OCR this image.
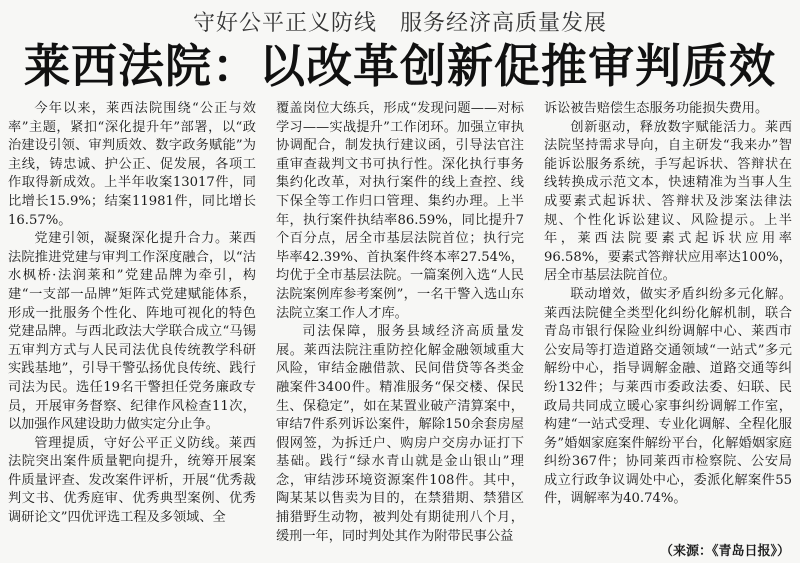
守好公平正义防线　服务经济高质量发展
莱西法院：以改革创新促推审判质效

今年以来，莱西法院围绕“公正与效率”主题，紧扣“深化提升年”部署，以“政治建设引领、审判质效、数字政务赋能”为主线，铸忠诚、护公正、促发展，各项工作取得新成效。上半年收案13017件，同比增长15.9%；结案11981件，同比增长16.57%。

党建引领，凝聚深化提升合力。莱西法院推进党建与审判工作深度融合，以“沽水枫桥·法润莱和”党建品牌为牵引，构建“一支部一品牌”矩阵式党建赋能体系，形成一批服务个性化、阵地可视化的特色党建品牌。与西北政法大学联合成立“马锡五审判方式与人民司法优良传统教学科研实践基地”，引导干警弘扬优良传统、践行司法为民。选任19名干警担任党务廉政专员，开展审务督察、纪律作风检查11次，以加强作风建设助力做实定分止争。

管理提质，守好公平正义防线。莱西法院突出案件质量靶向提升，统筹开展案件质量评查、发改案件评析，开展“优秀裁判文书、优秀庭审、优秀典型案例、优秀调研论文”四优评选工程及多领域、全

覆盖岗位大练兵，形成“发现问题——对标学习——实战提升”工作闭环。加强立审执协调配合，制发执行建议函，引导法官注重审查裁判文书可执行性。深化执行事务集约化改革，对执行案件的线上查控、线下保全等工作归口管理、集约办理。上半年，执行案件执结率86.59%，同比提升7个百分点，居全市基层法院首位；执行完毕率42.39%、首执案件终本率27.54%，均优于全市基层法院。一篇案例入选“人民法院案例库参考案例”，一名干警入选山东法院立案工作人才库。

司法保障，服务县域经济高质量发展。莱西法院注重防控化解金融领域重大风险，审结金融借款、民间借贷等各类金融案件3400件。精准服务“保交楼、保民生、保稳定”，如在某置业破产清算案中，审结7件系列诉讼案件，解除150余套房屋假网签，为拆迁户、购房户交房办证打下基础。践行“绿水青山就是金山银山”理念，审结涉环境资源案件108件。其中，陶某某以售卖为目的，在禁猎期、禁猎区捕猎野生动物，被判处有期徒刑八个月，缓刑一年，同时判处其作为附带民事公益

诉讼被告赔偿生态服务功能损失费用。

创新驱动，释放数字赋能活力。莱西法院坚持需求导向，自主研发“我来办”智能诉讼服务系统，手写起诉状、答辩状在线转换成示范文本，快速精准为当事人生成要素式起诉状、答辩状及涉案法律法规、个性化诉讼建议、风险提示。上半年，莱西法院要素式起诉状应用率96.58%，要素式答辩状应用率达100%，居全市基层法院首位。

联动增效，做实矛盾纠纷多元化解。莱西法院健全类型化纠纷化解机制，联合青岛市银行保险业纠纷调解中心、莱西市公安局等打造道路交通领域“一站式”多元解纷中心，指导调解金融、道路交通等纠纷132件；与莱西市委政法委、妇联、民政局共同成立暖心家事纠纷调解工作室，构建“一站式受理、专业化调解、全程化服务”婚姻家庭案件解纷平台，化解婚姻家庭纠纷367件；协同莱西市检察院、公安局成立行政争议调处中心，委派化解案件55件，调解率为40.74%。

（来源：《青岛日报》）
